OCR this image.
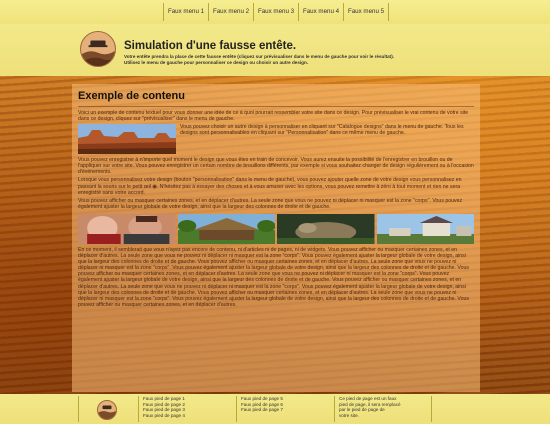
Faux menu 1	Faux menu 2	Faux menu 3	Faux menu 4	Faux menu 5
Simulation d'une fausse entête.
Votre entête prendra la place de cette fausse entête (cliquez sur prévisualiser dans le menu de gauche pour voir le résultat).
Utilisez le menu de gauche pour personnaliser ce design ou choisir un autre design.
Exemple de contenu

Voici un exemple de contenu textuel pour vous donner une idée de ce à quoi pourrait ressembler votre site dans ce design. Pour prévisualiser le vrai contenu de votre site dans ce design, cliquez sur "prévisualiser" dans le menu de gauche.

Vous pouvez choisir un autre design à personnaliser en cliquant sur "Catalogue designs" dans le menu de gauche. Tous les designs sont personnalisables en cliquant sur "Personnalisation" dans ce même menu de gauche.

Vous pouvez enregistrer à n'importe quel moment le design que vous êtes en train de concevoir. Vous aurez ensuite la possibilité de l'enregistrer en brouillon ou de l'appliquer sur votre site. Vous pouvez enregistrer un certain nombre de brouillons différents, par exemple si vous souhaitez changer de design régulièrement ou à l'occasion d'événements.

Lorsque vous personnalisez votre design (bouton "personnalisation" dans le menu de gauche), vous pouvez ajouter quelle zone de votre design vous personnalisez en passant la souris sur le petit œil ◉. N'hésitez pas à essayer des choses et à vous amuser avec les options, vous pouvez remettre à zéro à tout moment et rien ne sera enregistré sans votre accord.

Vous pouvez afficher ou masquer certaines zones, et en déplacer d'autres. La seule zone que vous ne pouvez ni déplacer ni masquer est la zone "corps". Vous pouvez également ajuster la largeur globale de votre design, ainsi que la largeur des colonnes de droite et de gauche.

En ce moment, il semblerait que vous n'ayez pas encore de contenu, ni d'articles ni de pages, ni de widgets. Vous pouvez afficher ou masquer certaines zones, et en déplacer d'autres. La seule zone que vous ne pouvez ni déplacer ni masquer est la zone "corps". Vous pouvez également ajuster la largeur globale de votre design, ainsi que la largeur des colonnes de droite et de gauche. Vous pouvez afficher ou masquer certaines zones, et en déplacer d'autres. La seule zone que vous ne pouvez ni déplacer ni masquer est la zone "corps". Vous pouvez également ajuster la largeur globale de votre design, ainsi que la largeur des colonnes de droite et de gauche. Vous pouvez afficher ou masquer certaines zones, et en déplacer d'autres. La seule zone que vous ne pouvez ni déplacer ni masquer est la zone "corps". Vous pouvez également ajuster la largeur globale de votre design, ainsi que la largeur des colonnes de droite et de gauche. Vous pouvez afficher ou masquer certaines zones, et en déplacer d'autres. La seule zone que vous ne pouvez ni déplacer ni masquer est la zone "corps". Vous pouvez également ajuster la largeur globale de votre design, ainsi que la largeur des colonnes de droite et de gauche. Vous pouvez afficher ou masquer certaines zones, et en déplacer d'autres. La seule zone que vous ne pouvez ni déplacer ni masquer est la zone "corps". Vous pouvez également ajuster la largeur globale de votre design, ainsi que la largeur des colonnes de droite et de gauche. Vous pouvez afficher ou masquer certaines zones, et en déplacer d'autres.

Faux pied de page 1
Faux pied de page 2
Faux pied de page 3
Faux pied de page 4
Faux pied de page 5
Faux pied de page 6
Faux pied de page 7
Ce pied de page est un faux
pied de page, il sera remplacé
par le pied de page de
votre site.
